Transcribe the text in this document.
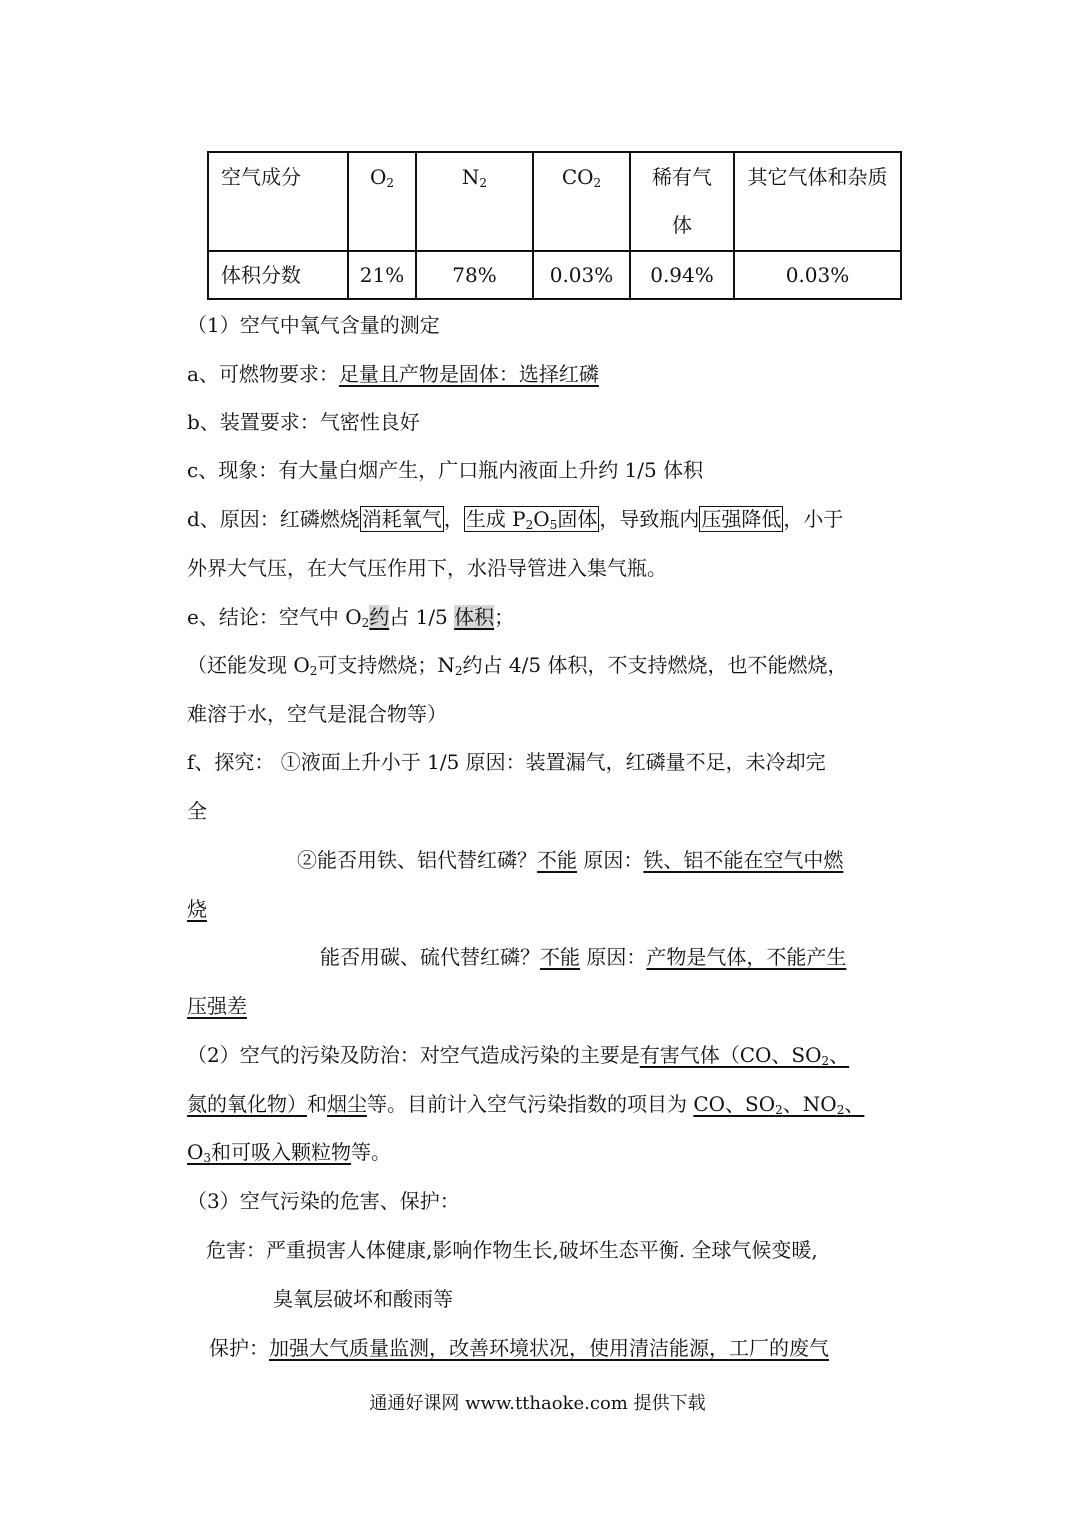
空气成分	$O_2$	$N_2$	$CO_2$	稀有气体	其它气体和杂质
体积分数	21%	78%	0.03%	0.94%	0.03%
（1）空气中氧气含量的测定
a、可燃物要求：足量且产物是固体：选择红磷
b、装置要求：气密性良好
c、现象：有大量白烟产生，广口瓶内液面上升约 1/5 体积
d、原因：红磷燃烧 消耗氧气 ， 生成 $P_2O_5$固体 ，导致瓶内 压强降低 ，小于
外界大气压，在大气压作用下，水沿导管进入集气瓶。
e、结论：空气中 $O_2$约占 1/5 体积；
（还能发现 $O_2$可支持燃烧；$N_2$约占 4/5 体积，不支持燃烧，也不能燃烧，
难溶于水，空气是混合物等）
f、探究： ①液面上升小于 1/5 原因：装置漏气，红磷量不足，未冷却完
全
②能否用铁、铝代替红磷？不能 原因：铁、铝不能在空气中燃
烧
能否用碳、硫代替红磷？不能 原因：产物是气体，不能产生
压强差
（2）空气的污染及防治：对空气造成污染的主要是有害气体（CO、$SO_2$、
氮的氧化物）和烟尘等。目前计入空气污染指数的项目为 CO、$SO_2$、$NO_2$、
$O_3$和可吸入颗粒物等。
（3）空气污染的危害、保护：
危害：严重损害人体健康,影响作物生长,破坏生态平衡. 全球气候变暖,
臭氧层破坏和酸雨等
保护：加强大气质量监测，改善环境状况，使用清洁能源，工厂的废气
通通好课网 www.tthaoke.com 提供下载
